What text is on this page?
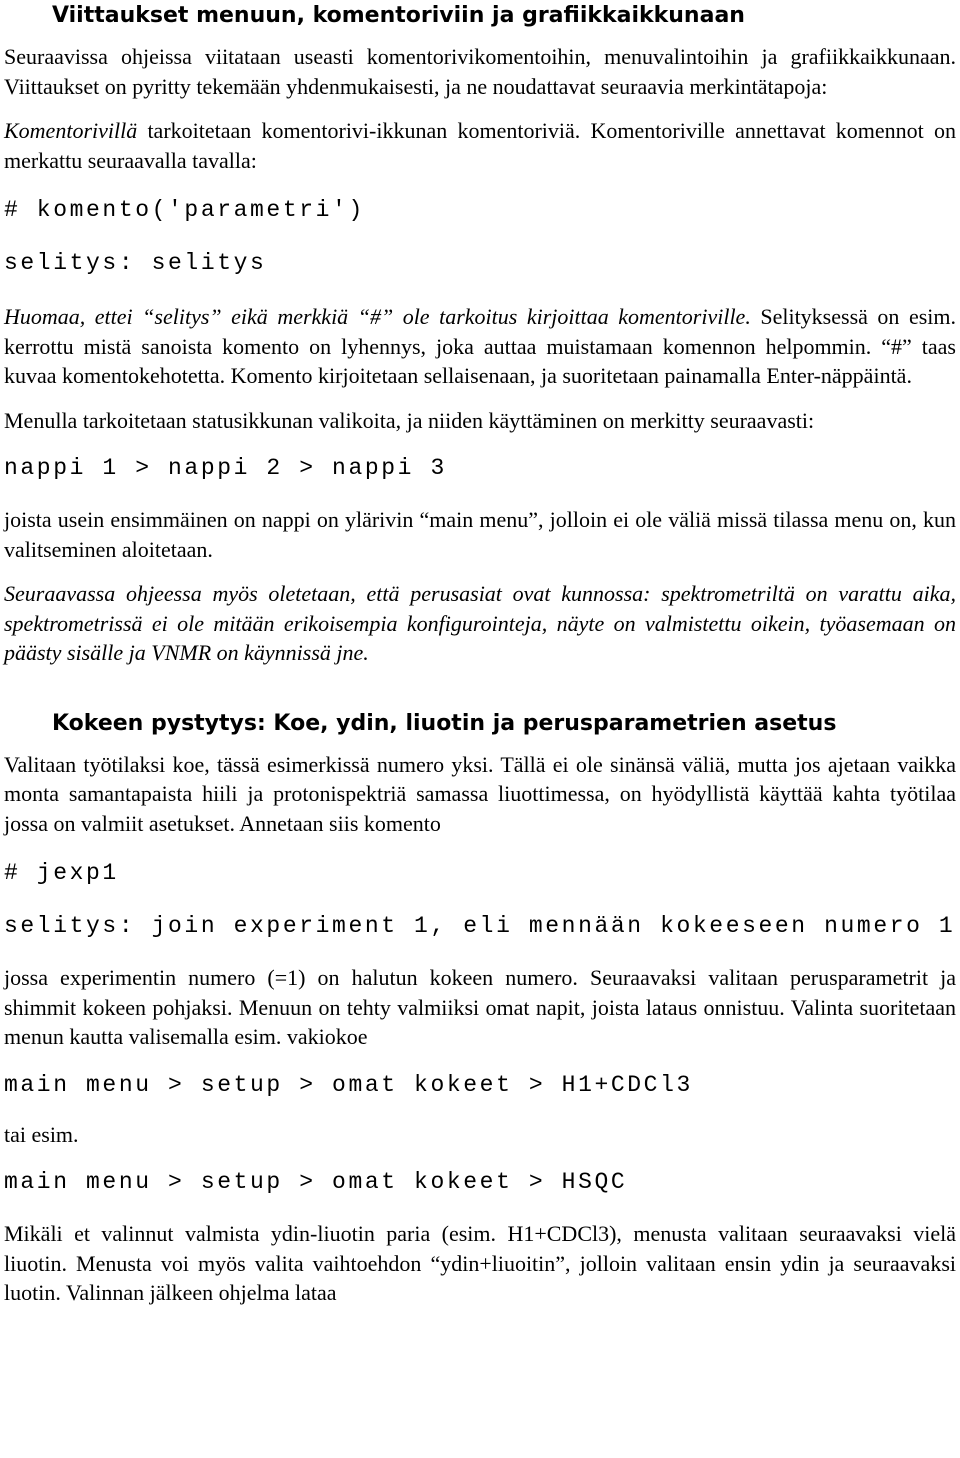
Viittaukset menuun, komentoriviin ja grafiikkaikkunaan

Seuraavissa ohjeissa viitataan useasti komentorivikomentoihin, menuvalintoihin ja grafiikkaikkunaan. Viittaukset on pyritty tekemään yhdenmukaisesti, ja ne noudattavat seuraavia merkintätapoja:

Komentorivillä tarkoitetaan komentorivi-ikkunan komentoriviä. Komentoriville annettavat komennot on merkattu seuraavalla tavalla:

# komento('parametri')
selitys: selitys

Huomaa, ettei “selitys” eikä merkkiä “#” ole tarkoitus kirjoittaa komentoriville. Selityksessä on esim. kerrottu mistä sanoista komento on lyhennys, joka auttaa muistamaan komennon helpommin. “#” taas kuvaa komentokehotetta. Komento kirjoitetaan sellaisenaan, ja suoritetaan painamalla Enter-näppäintä.

Menulla tarkoitetaan statusikkunan valikoita, ja niiden käyttäminen on merkitty seuraavasti:

nappi 1 > nappi 2 > nappi 3

joista usein ensimmäinen on nappi on ylärivin “main menu”, jolloin ei ole väliä missä tilassa menu on, kun valitseminen aloitetaan.

Seuraavassa ohjeessa myös oletetaan, että perusasiat ovat kunnossa: spektrometriltä on varattu aika, spektrometrissä ei ole mitään erikoisempia konfigurointeja, näyte on valmistettu oikein, työasemaan on päästy sisälle ja VNMR on käynnissä jne.

Kokeen pystytys: Koe, ydin, liuotin ja perusparametrien asetus

Valitaan työtilaksi koe, tässä esimerkissä numero yksi. Tällä ei ole sinänsä väliä, mutta jos ajetaan vaikka monta samantapaista hiili ja protonispektriä samassa liuottimessa, on hyödyllistä käyttää kahta työtilaa jossa on valmiit asetukset. Annetaan siis komento

# jexp1
selitys: join experiment 1, eli mennään kokeeseen numero 1

jossa experimentin numero (=1) on halutun kokeen numero. Seuraavaksi valitaan perusparametrit ja shimmit kokeen pohjaksi. Menuun on tehty valmiiksi omat napit, joista lataus onnistuu. Valinta suoritetaan menun kautta valisemalla esim. vakiokoe

main menu > setup > omat kokeet > H1+CDCl3

tai esim.

main menu > setup > omat kokeet > HSQC

Mikäli et valinnut valmista ydin-liuotin paria (esim. H1+CDCl3), menusta valitaan seuraavaksi vielä liuotin. Menusta voi myös valita vaihtoehdon “ydin+liuoitin”, jolloin valitaan ensin ydin ja seuraavaksi luotin. Valinnan jälkeen ohjelma lataa
